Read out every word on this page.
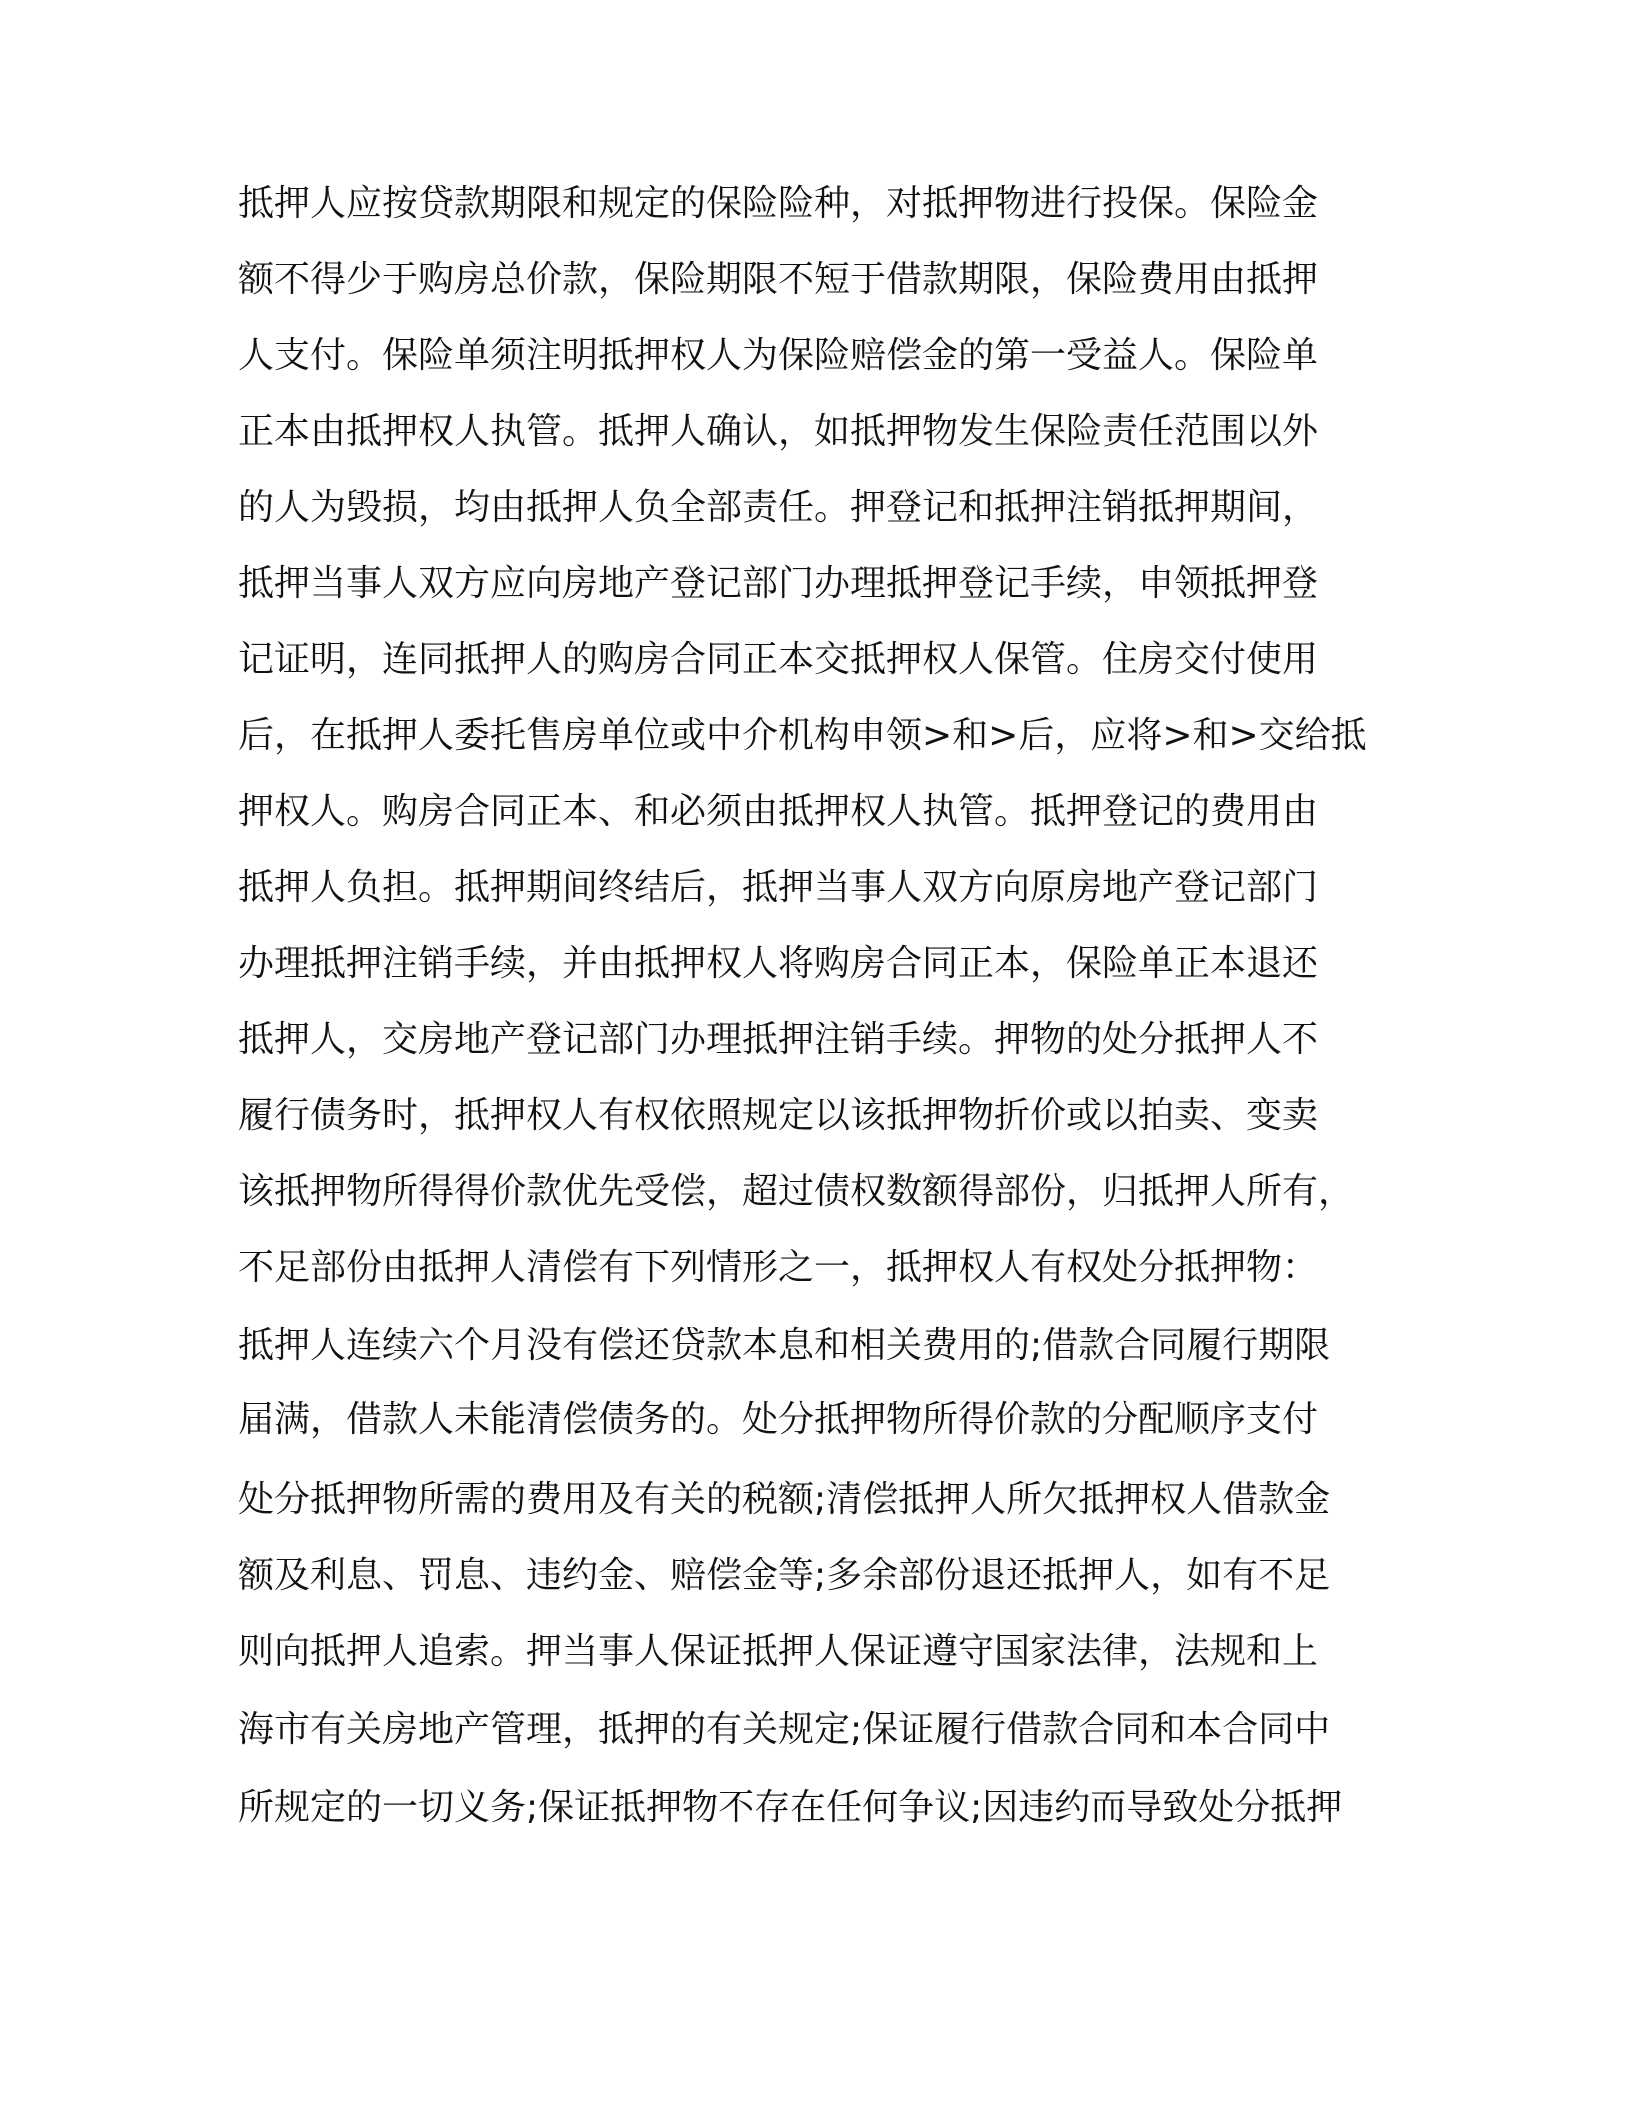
抵押人应按贷款期限和规定的保险险种，对抵押物进行投保。保险金
额不得少于购房总价款，保险期限不短于借款期限，保险费用由抵押
人支付。保险单须注明抵押权人为保险赔偿金的第一受益人。保险单
正本由抵押权人执管。抵押人确认，如抵押物发生保险责任范围以外
的人为毁损，均由抵押人负全部责任。押登记和抵押注销抵押期间，
抵押当事人双方应向房地产登记部门办理抵押登记手续，申领抵押登
记证明，连同抵押人的购房合同正本交抵押权人保管。住房交付使用
后，在抵押人委托售房单位或中介机构申领>和>后，应将>和>交给抵
押权人。购房合同正本、和必须由抵押权人执管。抵押登记的费用由
抵押人负担。抵押期间终结后，抵押当事人双方向原房地产登记部门
办理抵押注销手续，并由抵押权人将购房合同正本，保险单正本退还
抵押人，交房地产登记部门办理抵押注销手续。押物的处分抵押人不
履行债务时，抵押权人有权依照规定以该抵押物折价或以拍卖、变卖
该抵押物所得得价款优先受偿，超过债权数额得部份，归抵押人所有，
不足部份由抵押人清偿有下列情形之一，抵押权人有权处分抵押物：
抵押人连续六个月没有偿还贷款本息和相关费用的;借款合同履行期限
届满，借款人未能清偿债务的。处分抵押物所得价款的分配顺序支付
处分抵押物所需的费用及有关的税额;清偿抵押人所欠抵押权人借款金
额及利息、罚息、违约金、赔偿金等;多余部份退还抵押人，如有不足
则向抵押人追索。押当事人保证抵押人保证遵守国家法律，法规和上
海市有关房地产管理，抵押的有关规定;保证履行借款合同和本合同中
所规定的一切义务;保证抵押物不存在任何争议;因违约而导致处分抵押
